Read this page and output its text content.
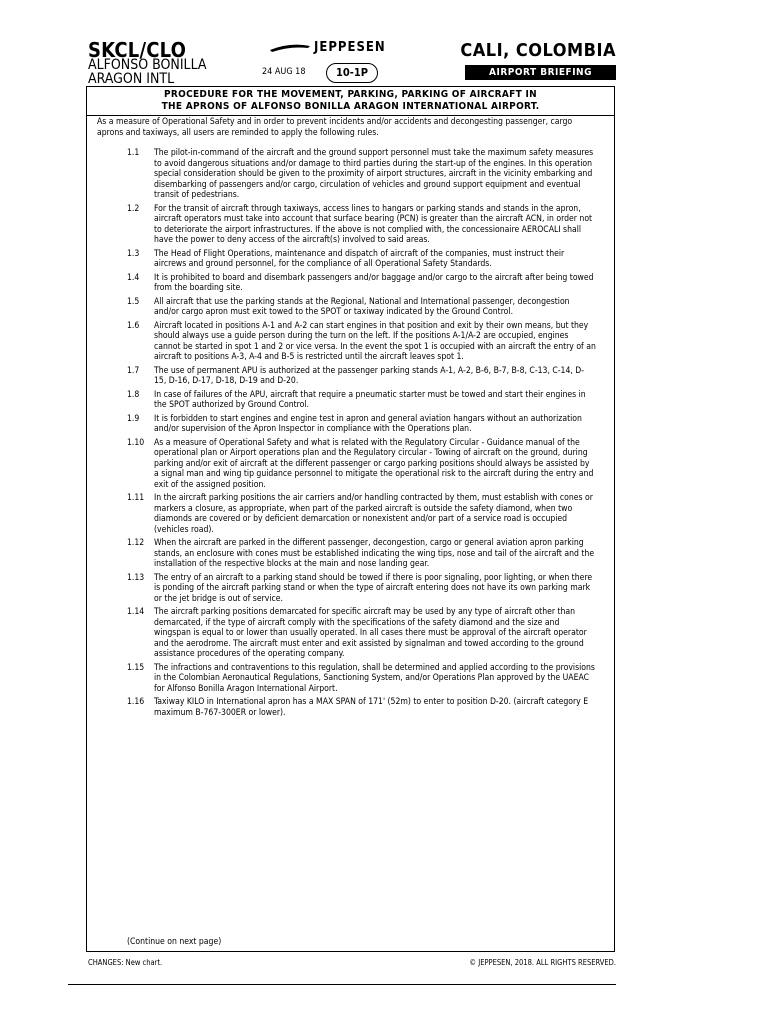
SKCL/CLO
ALFONSO BONILLA
ARAGON INTL
JEPPESEN
24 AUG 18	10-1P
CALI, COLOMBIA
AIRPORT BRIEFING
PROCEDURE FOR THE MOVEMENT, PARKING, PARKING OF AIRCRAFT IN
THE APRONS OF ALFONSO BONILLA ARAGON INTERNATIONAL AIRPORT.
As a measure of Operational Safety and in order to prevent incidents and/or accidents and decongesting passenger, cargo aprons and taxiways, all users are reminded to apply the following rules.
1.1	The pilot-in-command of the aircraft and the ground support personnel must take the maximum safety measures to avoid dangerous situations and/or damage to third parties during the start-up of the engines. In this operation special consideration should be given to the proximity of airport structures, aircraft in the vicinity embarking and disembarking of passengers and/or cargo, circulation of vehicles and ground support equipment and eventual transit of pedestrians.
1.2	For the transit of aircraft through taxiways, access lines to hangars or parking stands and stands in the apron, aircraft operators must take into account that surface bearing (PCN) is greater than the aircraft ACN, in order not to deteriorate the airport infrastructures. If the above is not complied with, the concessionaire AEROCALI shall have the power to deny access of the aircraft(s) involved to said areas.
1.3	The Head of Flight Operations, maintenance and dispatch of aircraft of the companies, must instruct their aircrews and ground personnel, for the compliance of all Operational Safety Standards.
1.4	It is prohibited to board and disembark passengers and/or baggage and/or cargo to the aircraft after being towed from the boarding site.
1.5	All aircraft that use the parking stands at the Regional, National and International passenger, decongestion and/or cargo apron must exit towed to the SPOT or taxiway indicated by the Ground Control.
1.6	Aircraft located in positions A-1 and A-2 can start engines in that position and exit by their own means, but they should always use a guide person during the turn on the left. If the positions A-1/A-2 are occupied, engines cannot be started in spot 1 and 2 or vice versa. In the event the spot 1 is occupied with an aircraft the entry of an aircraft to positions A-3, A-4 and B-5 is restricted until the aircraft leaves spot 1.
1.7	The use of permanent APU is authorized at the passenger parking stands A-1, A-2, B-6, B-7, B-8, C-13, C-14, D-15, D-16, D-17, D-18, D-19 and D-20.
1.8	In case of failures of the APU, aircraft that require a pneumatic starter must be towed and start their engines in the SPOT authorized by Ground Control.
1.9	It is forbidden to start engines and engine test in apron and general aviation hangars without an authorization and/or supervision of the Apron Inspector in compliance with the Operations plan.
1.10	As a measure of Operational Safety and what is related with the Regulatory Circular - Guidance manual of the operational plan or Airport operations plan and the Regulatory circular - Towing of aircraft on the ground, during parking and/or exit of aircraft at the different passenger or cargo parking positions should always be assisted by a signal man and wing tip guidance personnel to mitigate the operational risk to the aircraft during the entry and exit of the assigned position.
1.11	In the aircraft parking positions the air carriers and/or handling contracted by them, must establish with cones or markers a closure, as appropriate, when part of the parked aircraft is outside the safety diamond, when two diamonds are covered or by deficient demarcation or nonexistent and/or part of a service road is occupied (vehicles road).
1.12	When the aircraft are parked in the different passenger, decongestion, cargo or general aviation apron parking stands, an enclosure with cones must be established indicating the wing tips, nose and tail of the aircraft and the installation of the respective blocks at the main and nose landing gear.
1.13	The entry of an aircraft to a parking stand should be towed if there is poor signaling, poor lighting, or when there is ponding of the aircraft parking stand or when the type of aircraft entering does not have its own parking mark or the jet bridge is out of service.
1.14	The aircraft parking positions demarcated for specific aircraft may be used by any type of aircraft other than demarcated, if the type of aircraft comply with the specifications of the safety diamond and the size and wingspan is equal to or lower than usually operated. In all cases there must be approval of the aircraft operator and the aerodrome. The aircraft must enter and exit assisted by signalman and towed according to the ground assistance procedures of the operating company.
1.15	The infractions and contraventions to this regulation, shall be determined and applied according to the provisions in the Colombian Aeronautical Regulations, Sanctioning System, and/or Operations Plan approved by the UAEAC for Alfonso Bonilla Aragon International Airport.
1.16	Taxiway KILO in International apron has a MAX SPAN of 171' (52m) to enter to position D-20. (aircraft category E maximum B-767-300ER or lower).
(Continue on next page)
CHANGES: New chart.	© JEPPESEN, 2018. ALL RIGHTS RESERVED.
